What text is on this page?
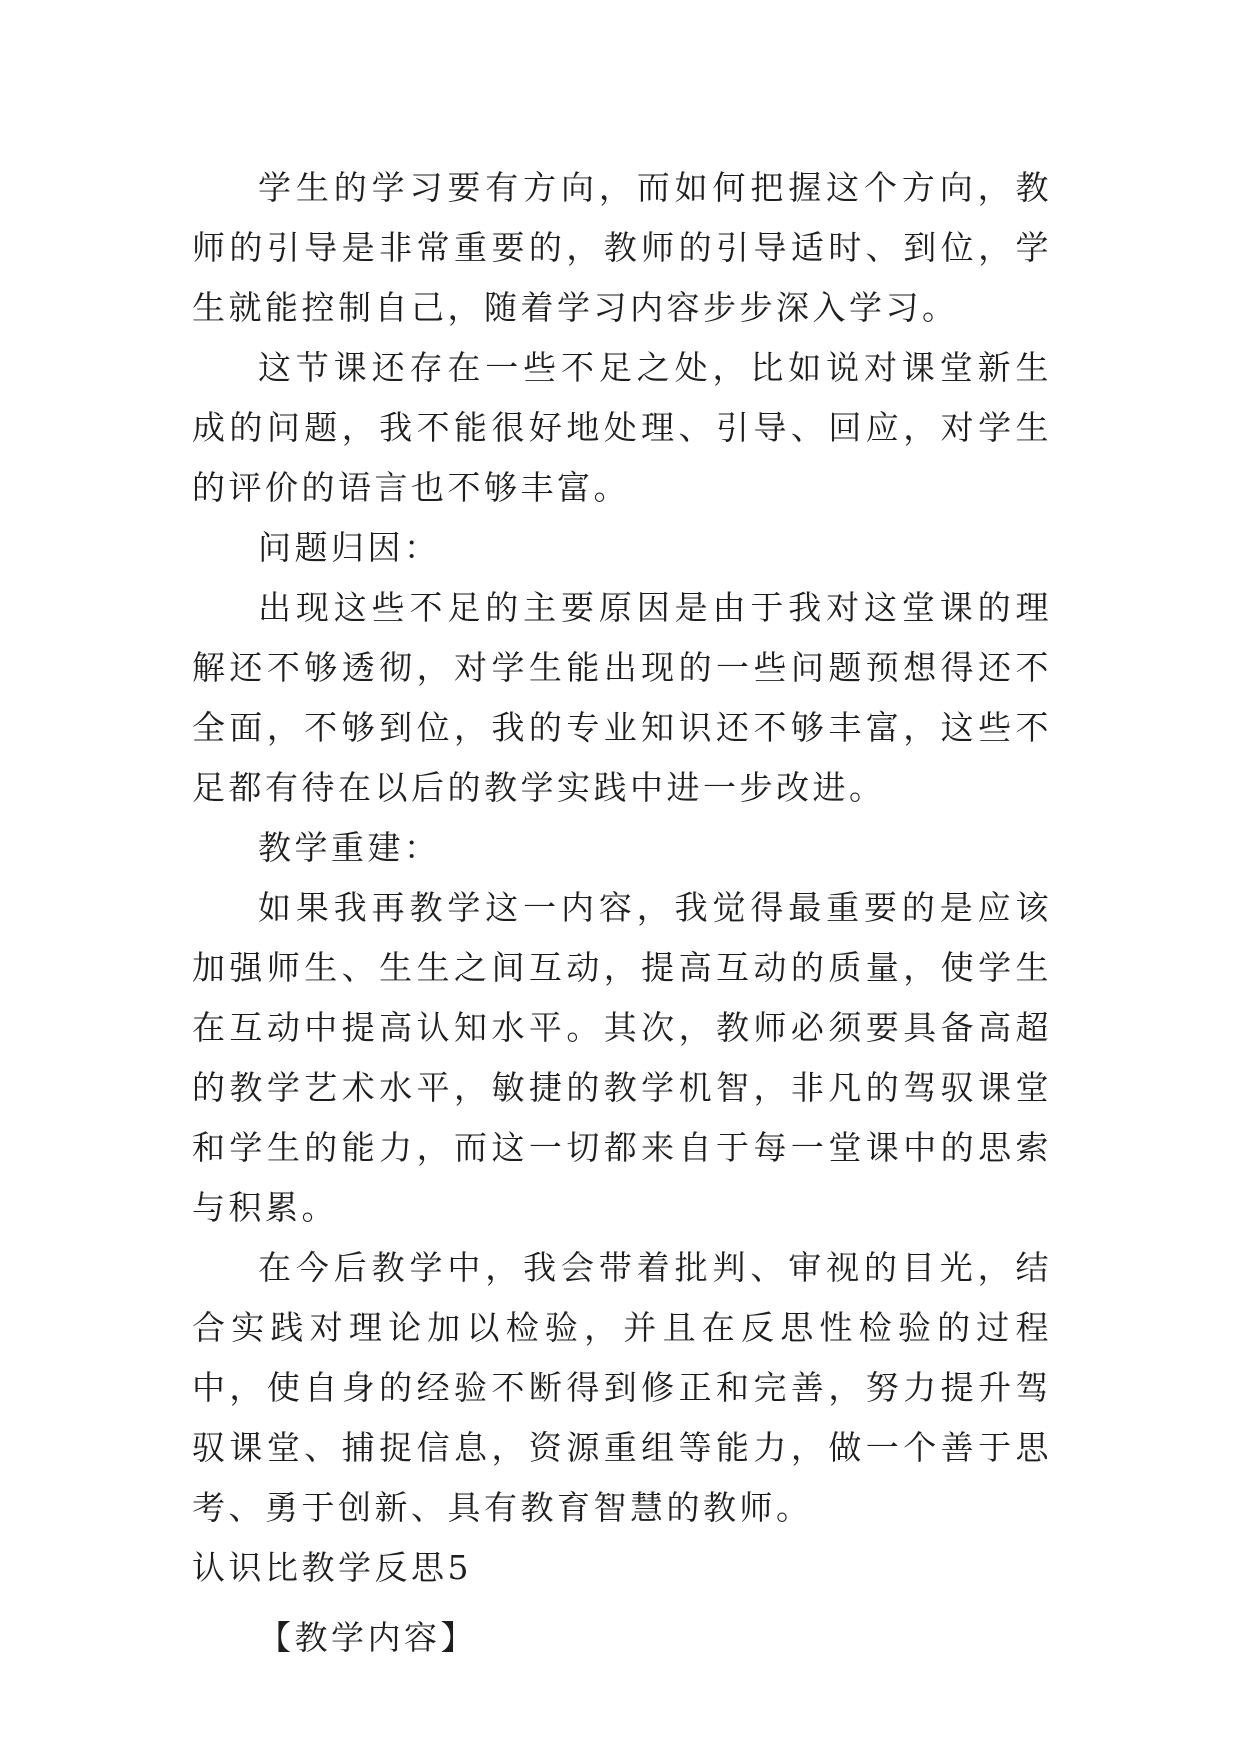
学生的学习要有方向，而如何把握这个方向，教师的引导是非常重要的，教师的引导适时、到位，学生就能控制自己，随着学习内容步步深入学习。

这节课还存在一些不足之处，比如说对课堂新生成的问题，我不能很好地处理、引导、回应，对学生的评价的语言也不够丰富。

问题归因：

出现这些不足的主要原因是由于我对这堂课的理解还不够透彻，对学生能出现的一些问题预想得还不全面，不够到位，我的专业知识还不够丰富，这些不足都有待在以后的教学实践中进一步改进。

教学重建：

如果我再教学这一内容，我觉得最重要的是应该加强师生、生生之间互动，提高互动的质量，使学生在互动中提高认知水平。其次，教师必须要具备高超的教学艺术水平，敏捷的教学机智，非凡的驾驭课堂和学生的能力，而这一切都来自于每一堂课中的思索与积累。

在今后教学中，我会带着批判、审视的目光，结合实践对理论加以检验，并且在反思性检验的过程中，使自身的经验不断得到修正和完善，努力提升驾驭课堂、捕捉信息，资源重组等能力，做一个善于思考、勇于创新、具有教育智慧的教师。

认识比教学反思5

【教学内容】
